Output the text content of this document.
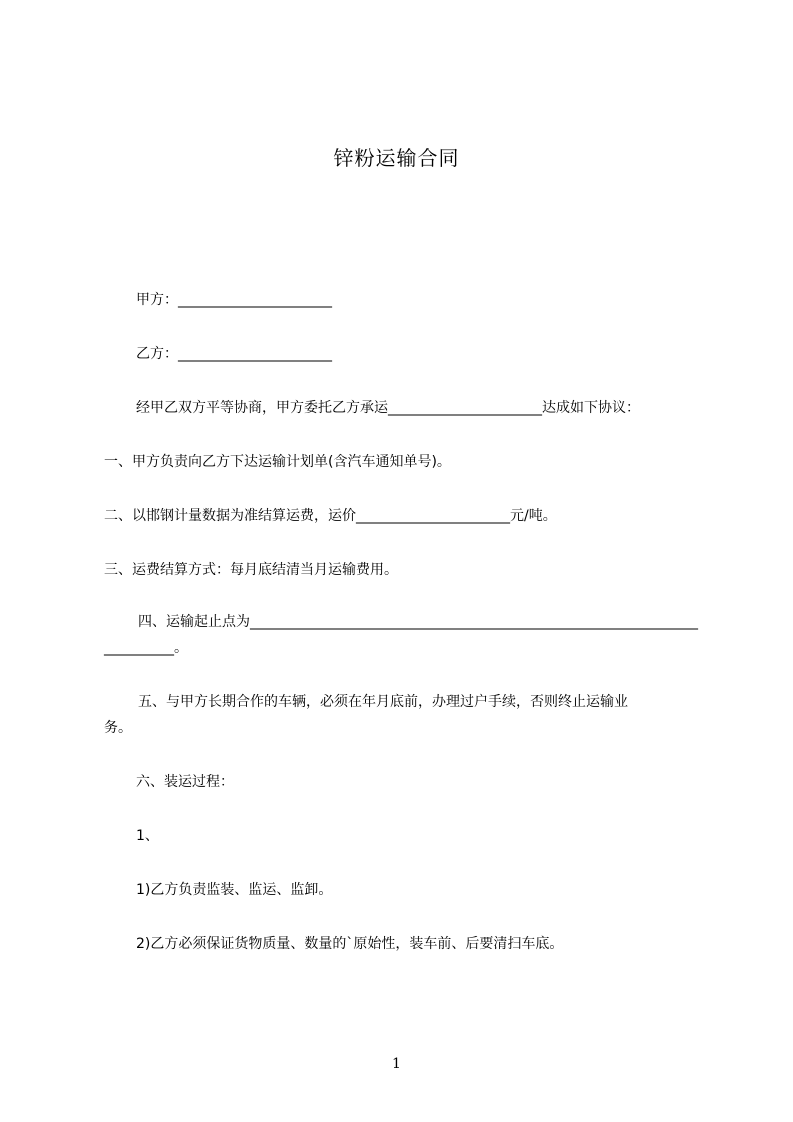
锌粉运输合同
甲方：______________________
乙方：______________________
经甲乙双方平等协商，甲方委托乙方承运______________________达成如下协议：
一、甲方负责向乙方下达运输计划单(含汽车通知单号)。
二、以邯钢计量数据为准结算运费，运价______________________元/吨。
三、运费结算方式：每月底结清当月运输费用。
四、运输起止点为________________________________________________________________
__________。
五、与甲方长期合作的车辆，必须在年月底前，办理过户手续，否则终止运输业
务。
六、装运过程：
1、
1)乙方负责监装、监运、监卸。
2)乙方必须保证货物质量、数量的`原始性，装车前、后要清扫车底。
1
